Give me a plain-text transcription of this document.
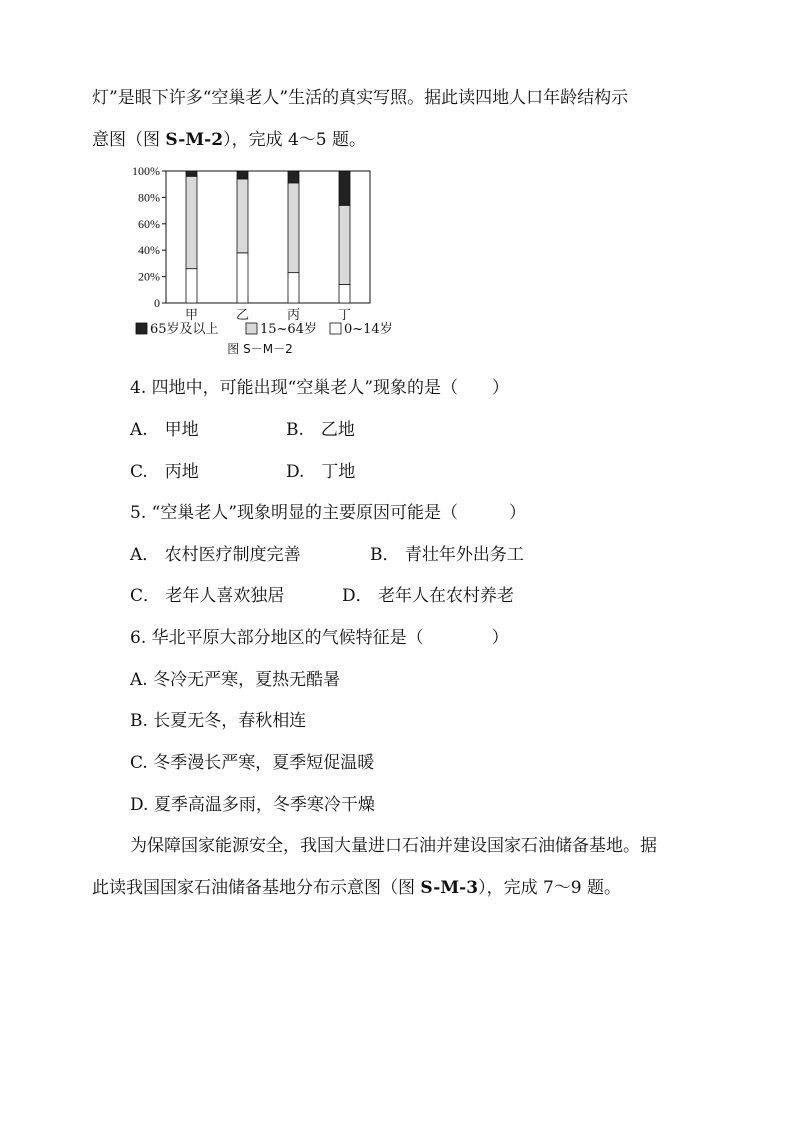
灯”是眼下许多“空巢老人”生活的真实写照。据此读四地人口年龄结构示
意图（图 S-M-2），完成 4～5 题。
0
20%
40%
60%
80%
100%
甲	乙	丙	丁
65岁及以上	15~64岁 0~14岁
图 S－M－2
4. 四地中，可能出现“空巢老人”现象的是（　　）
A.　甲地	B.　乙地
C.　丙地	D.　丁地
5. “空巢老人”现象明显的主要原因可能是（　　　）
A． 农村医疗制度完善	B． 青壮年外出务工
C． 老年人喜欢独居	D． 老年人在农村养老
6. 华北平原大部分地区的气候特征是（　　　　）
A. 冬冷无严寒，夏热无酷暑
B. 长夏无冬，春秋相连
C. 冬季漫长严寒，夏季短促温暖
D. 夏季高温多雨，冬季寒冷干燥
为保障国家能源安全，我国大量进口石油并建设国家石油储备基地。据
此读我国国家石油储备基地分布示意图（图 S-M-3），完成 7～9 题。
